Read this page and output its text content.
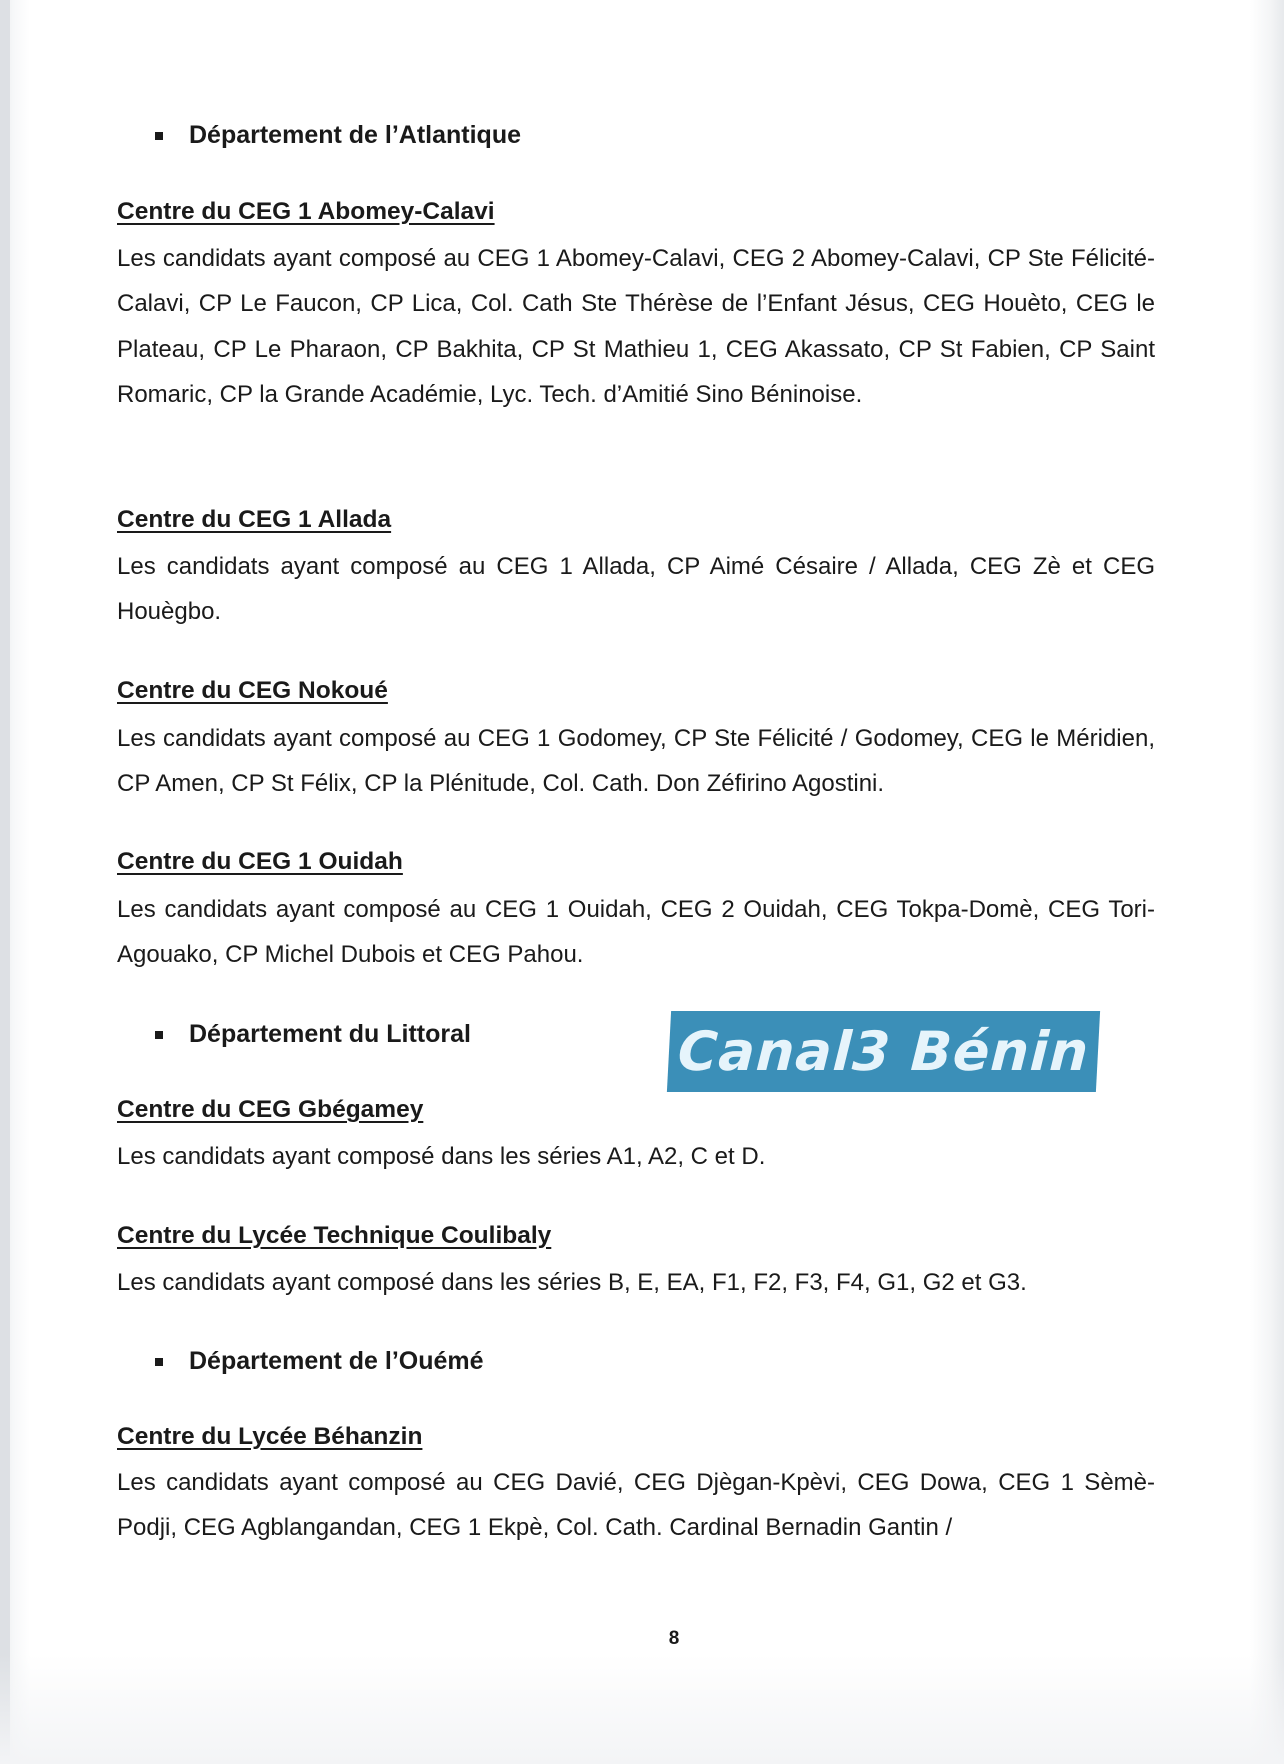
Département de l’Atlantique
Centre du CEG 1 Abomey-Calavi
Les candidats ayant composé au CEG 1 Abomey-Calavi, CEG 2 Abomey-Calavi, CP Ste Félicité-Calavi, CP Le Faucon, CP Lica, Col. Cath Ste Thérèse de l’Enfant Jésus, CEG Houèto, CEG le Plateau, CP Le Pharaon, CP Bakhita, CP St Mathieu 1, CEG Akassato, CP St Fabien, CP Saint Romaric, CP la Grande Académie, Lyc. Tech. d’Amitié Sino Béninoise.
Centre du CEG 1 Allada
Les candidats ayant composé au CEG 1 Allada, CP Aimé Césaire / Allada, CEG Zè et CEG Houègbo.
Centre du CEG Nokoué
Les candidats ayant composé au CEG 1 Godomey, CP Ste Félicité / Godomey, CEG le Méridien, CP Amen, CP St Félix, CP la Plénitude, Col. Cath. Don Zéfirino Agostini.
Centre du CEG 1 Ouidah
Les candidats ayant composé au CEG 1 Ouidah, CEG 2 Ouidah, CEG Tokpa-Domè, CEG Tori-Agouako, CP Michel Dubois et CEG Pahou.
Département du Littoral
Centre du CEG Gbégamey
Les candidats ayant composé dans les séries A1, A2, C et D.
Centre du Lycée Technique Coulibaly
Les candidats ayant composé dans les séries B, E, EA, F1, F2, F3, F4, G1, G2 et G3.
Département de l’Ouémé
Centre du Lycée Béhanzin
Les candidats ayant composé au CEG Davié, CEG Djègan-Kpèvi, CEG Dowa, CEG 1 Sèmè-Podji, CEG Agblangandan, CEG 1 Ekpè, Col. Cath. Cardinal Bernadin Gantin /
Canal3 Bénin
8
